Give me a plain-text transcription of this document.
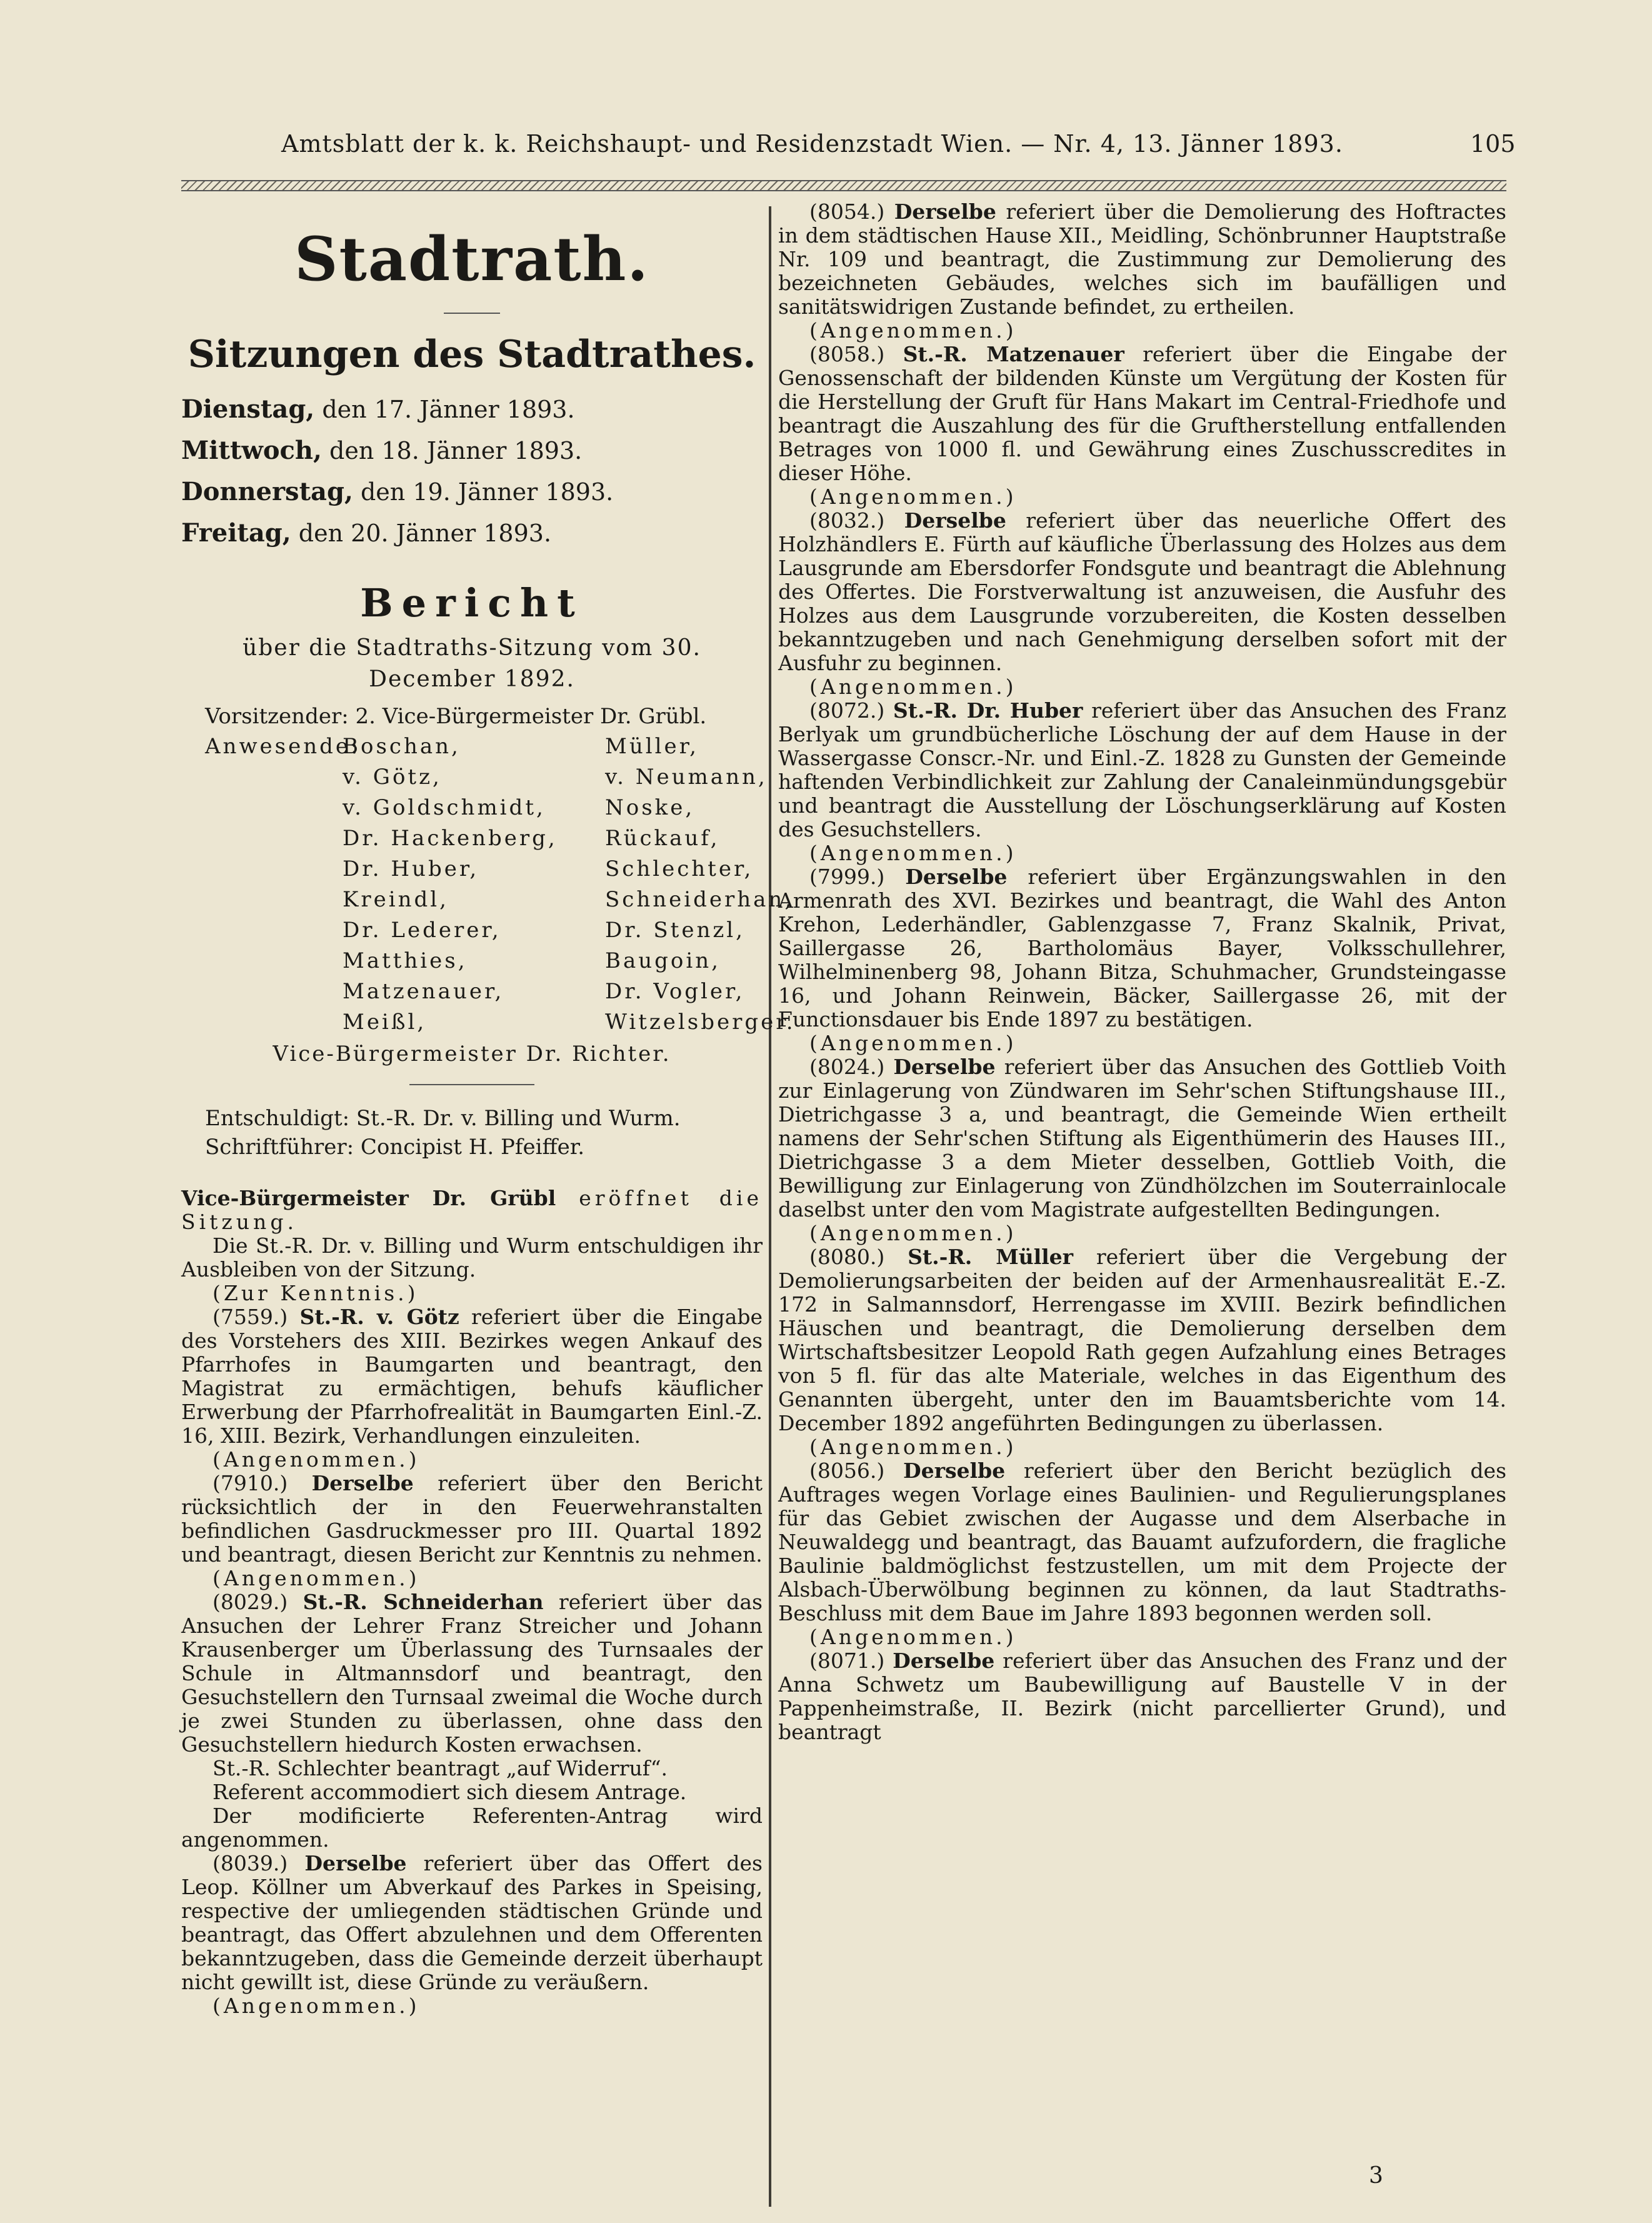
Amtsblatt der k. k. Reichshaupt- und Residenzstadt Wien. — Nr. 4, 13. Jänner 1893.	105
Stadtrath.
Sitzungen des Stadtrathes.
Dienstag, den 17. Jänner 1893.
Mittwoch, den 18. Jänner 1893.
Donnerstag, den 19. Jänner 1893.
Freitag, den 20. Jänner 1893.
Bericht
über die Stadtraths-Sitzung vom 30. December 1892.
Vorsitzender: 2. Vice-Bürgermeister Dr. Grübl.
Anwesende:
Boschan,	Müller,
v. Götz,	v. Neumann,
v. Goldschmidt,	Noske,
Dr. Hackenberg,	Rückauf,
Dr. Huber,	Schlechter,
Kreindl,	Schneiderhan,
Dr. Lederer,	Dr. Stenzl,
Matthies,	Baugoin,
Matzenauer,	Dr. Vogler,
Meißl,	Witzelsberger.
Vice-Bürgermeister Dr. Richter.
Entschuldigt: St.-R. Dr. v. Billing und Wurm.
Schriftführer: Concipist H. Pfeiffer.

Vice-Bürgermeister Dr. Grübl eröffnet die Sitzung.

Die St.-R. Dr. v. Billing und Wurm entschuldigen ihr Ausbleiben von der Sitzung.
(Zur Kenntnis.)

(7559.) St.-R. v. Götz referiert über die Eingabe des Vorstehers des XIII. Bezirkes wegen Ankauf des Pfarrhofes in Baumgarten und beantragt, den Magistrat zu ermächtigen, behufs käuflicher Erwerbung der Pfarrhofrealität in Baumgarten Einl.-Z. 16, XIII. Bezirk, Verhandlungen einzuleiten.
(Angenommen.)

(7910.) Derselbe referiert über den Bericht rücksichtlich der in den Feuerwehranstalten befindlichen Gasdruckmesser pro III. Quartal 1892 und beantragt, diesen Bericht zur Kenntnis zu nehmen.
(Angenommen.)

(8029.) St.-R. Schneiderhan referiert über das Ansuchen der Lehrer Franz Streicher und Johann Krausenberger um Überlassung des Turnsaales der Schule in Altmannsdorf und beantragt, den Gesuchstellern den Turnsaal zweimal die Woche durch je zwei Stunden zu überlassen, ohne dass den Gesuchstellern hiedurch Kosten erwachsen.

St.-R. Schlechter beantragt „auf Widerruf“.

Referent accommodiert sich diesem Antrage.

Der modificierte Referenten-Antrag wird angenommen.

(8039.) Derselbe referiert über das Offert des Leop. Köllner um Abverkauf des Parkes in Speising, respective der umliegenden städtischen Gründe und beantragt, das Offert abzulehnen und dem Offerenten bekanntzugeben, dass die Gemeinde derzeit überhaupt nicht gewillt ist, diese Gründe zu veräußern.
(Angenommen.)

(8054.) Derselbe referiert über die Demolierung des Hoftractes in dem städtischen Hause XII., Meidling, Schönbrunner Hauptstraße Nr. 109 und beantragt, die Zustimmung zur Demolierung des bezeichneten Gebäudes, welches sich im baufälligen und sanitätswidrigen Zustande befindet, zu ertheilen.
(Angenommen.)

(8058.) St.-R. Matzenauer referiert über die Eingabe der Genossenschaft der bildenden Künste um Vergütung der Kosten für die Herstellung der Gruft für Hans Makart im Central-Friedhofe und beantragt die Auszahlung des für die Gruftherstellung entfallenden Betrages von 1000 fl. und Gewährung eines Zuschusscredites in dieser Höhe.
(Angenommen.)

(8032.) Derselbe referiert über das neuerliche Offert des Holzhändlers E. Fürth auf käufliche Überlassung des Holzes aus dem Lausgrunde am Ebersdorfer Fondsgute und beantragt die Ablehnung des Offertes. Die Forstverwaltung ist anzuweisen, die Ausfuhr des Holzes aus dem Lausgrunde vorzubereiten, die Kosten desselben bekanntzugeben und nach Genehmigung derselben sofort mit der Ausfuhr zu beginnen.
(Angenommen.)

(8072.) St.-R. Dr. Huber referiert über das Ansuchen des Franz Berlyak um grundbücherliche Löschung der auf dem Hause in der Wassergasse Conscr.-Nr. und Einl.-Z. 1828 zu Gunsten der Gemeinde haftenden Verbindlichkeit zur Zahlung der Canaleinmündungsgebür und beantragt die Ausstellung der Löschungserklärung auf Kosten des Gesuchstellers.
(Angenommen.)

(7999.) Derselbe referiert über Ergänzungswahlen in den Armenrath des XVI. Bezirkes und beantragt, die Wahl des Anton Krehon, Lederhändler, Gablenzgasse 7, Franz Skalnik, Privat, Saillergasse 26, Bartholomäus Bayer, Volksschullehrer, Wilhelminenberg 98, Johann Bitza, Schuhmacher, Grundsteingasse 16, und Johann Reinwein, Bäcker, Saillergasse 26, mit der Functionsdauer bis Ende 1897 zu bestätigen.
(Angenommen.)

(8024.) Derselbe referiert über das Ansuchen des Gottlieb Voith zur Einlagerung von Zündwaren im Sehr'schen Stiftungshause III., Dietrichgasse 3 a, und beantragt, die Gemeinde Wien ertheilt namens der Sehr'schen Stiftung als Eigenthümerin des Hauses III., Dietrichgasse 3 a dem Mieter desselben, Gottlieb Voith, die Bewilligung zur Einlagerung von Zündhölzchen im Souterrainlocale daselbst unter den vom Magistrate aufgestellten Bedingungen.
(Angenommen.)

(8080.) St.-R. Müller referiert über die Vergebung der Demolierungsarbeiten der beiden auf der Armenhausrealität E.-Z. 172 in Salmannsdorf, Herrengasse im XVIII. Bezirk befindlichen Häuschen und beantragt, die Demolierung derselben dem Wirtschaftsbesitzer Leopold Rath gegen Aufzahlung eines Betrages von 5 fl. für das alte Materiale, welches in das Eigenthum des Genannten übergeht, unter den im Bauamtsberichte vom 14. December 1892 angeführten Bedingungen zu überlassen.
(Angenommen.)

(8056.) Derselbe referiert über den Bericht bezüglich des Auftrages wegen Vorlage eines Baulinien- und Regulierungsplanes für das Gebiet zwischen der Augasse und dem Alserbache in Neuwaldegg und beantragt, das Bauamt aufzufordern, die fragliche Baulinie baldmöglichst festzustellen, um mit dem Projecte der Alsbach-Überwölbung beginnen zu können, da laut Stadtraths-Beschluss mit dem Baue im Jahre 1893 begonnen werden soll.
(Angenommen.)

(8071.) Derselbe referiert über das Ansuchen des Franz und der Anna Schwetz um Baubewilligung auf Baustelle V in der Pappenheimstraße, II. Bezirk (nicht parcellierter Grund), und beantragt

3
